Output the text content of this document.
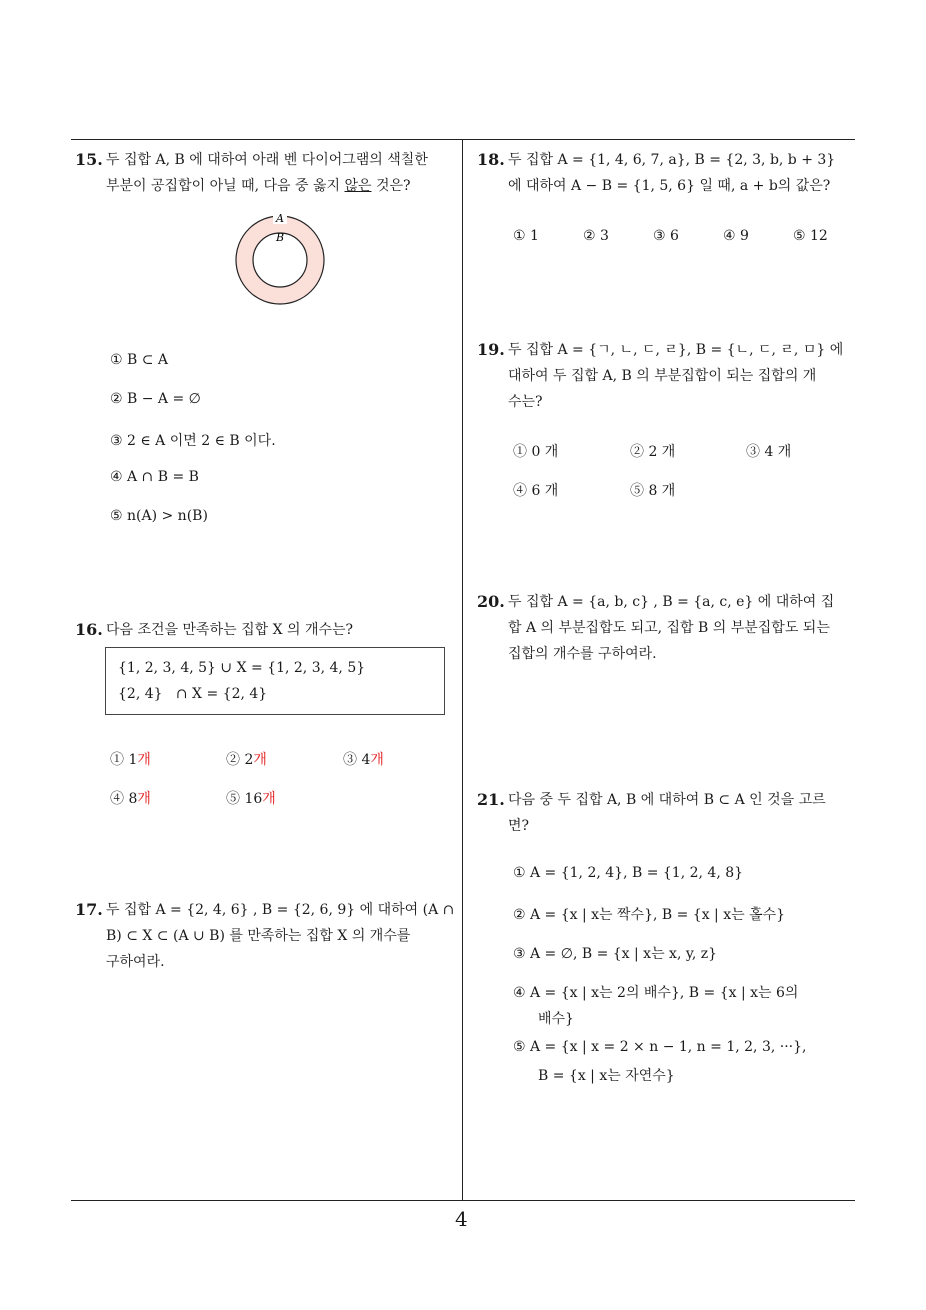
15. 두 집합 A, B 에 대하여 아래 벤 다이어그램의 색칠한
부분이 공집합이 아닐 때, 다음 중 옳지 않은 것은?
A
B
① B ⊂ A
② B − A = ∅
③ 2 ∈ A 이면 2 ∈ B 이다.
④ A ∩ B = B
⑤ n(A) > n(B)
16. 다음 조건을 만족하는 집합 X 의 개수는?
{1, 2, 3, 4, 5} ∪ X = {1, 2, 3, 4, 5}
{2, 4}   ∩ X = {2, 4}
① 1개	② 2개	③ 4개
④ 8개	⑤ 16개
17. 두 집합 A = {2, 4, 6} , B = {2, 6, 9} 에 대하여 (A ∩
B) ⊂ X ⊂ (A ∪ B) 를 만족하는 집합 X 의 개수를
구하여라.
18. 두 집합 A = {1, 4, 6, 7, a}, B = {2, 3, b, b + 3}
에 대하여 A − B = {1, 5, 6} 일 때, a + b의 값은?
① 1	② 3	③ 6	④ 9	⑤ 12
19. 두 집합 A = {ㄱ, ㄴ, ㄷ, ㄹ}, B = {ㄴ, ㄷ, ㄹ, ㅁ} 에
대하여 두 집합 A, B 의 부분집합이 되는 집합의 개
수는?
① 0 개	② 2 개	③ 4 개
④ 6 개	⑤ 8 개
20. 두 집합 A = {a, b, c} , B = {a, c, e} 에 대하여 집
합 A 의 부분집합도 되고, 집합 B 의 부분집합도 되는
집합의 개수를 구하여라.
21. 다음 중 두 집합 A, B 에 대하여 B ⊂ A 인 것을 고르
면?
① A = {1, 2, 4}, B = {1, 2, 4, 8}
② A = {x | x는 짝수}, B = {x | x는 홀수}
③ A = ∅, B = {x | x는 x, y, z}
④ A = {x | x는 2의 배수}, B = {x | x는 6의
배수}
⑤ A = {x | x = 2 × n − 1, n = 1, 2, 3, ···},
B = {x | x는 자연수}
4
